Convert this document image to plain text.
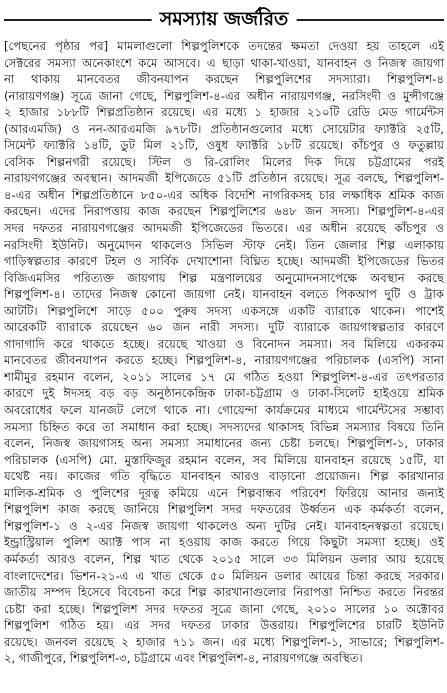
সমস্যায় জর্জরিত
[পেছনের পৃষ্ঠার পর] মামলাগুলো শিল্পপুলিশকে তদন্তের ক্ষমতা দেওয়া হয় তাহলে এই
সেক্টরের সমস্যা অনেকাংশে কমে আসবে। এ ছাড়া থাকা-খাওয়া, যানবাহন ও নিজস্ব জায়গা
না থাকায় মানবেতর জীবনযাপন করছেন শিল্পপুলিশের সদস্যারা। শিল্পপুলিশ-৪
(নারায়ণগঞ্জ) সূত্রে জানা গেছে, শিল্পপুলিশ-৪-এর অধীন নারায়ণগঞ্জ, নরসিংদী ও মুন্সীগঞ্জে
২ হাজার ১৮৮টি শিল্পপ্রতিষ্ঠান রয়েছে। এর মধ্যে ১ হাজার ২১০টি রেডি মেড গার্মেন্টস
(আরএমজি) ও নন-আরএমজি ৯৭৮টি। প্রতিষ্ঠানগুলোর মধ্যে সোয়েটার ফ্যাক্টরি ২৫টি,
সিমেন্ট ফ্যাক্টরি ১৪টি, ডুট মিল ২১টি, ওষুধ ফ্যাক্টরি ১৮টি রয়েছে। কাঁচপুর ও ফতুল্লায়
বেসিক শিল্পনগরী রয়েছে। স্টিল ও রি-রোলিং মিলের দিক দিয়ে চট্টগ্রামের পরই
নারায়ণগঞ্জের অবস্থান। আদমজী ইপিজেডে ৫১টি প্রতিষ্ঠান রয়েছে। সূত্র বলছে, শিল্পপুলিশ-
৪-এর অধীন শিল্পপ্রতিষ্ঠানে ৮৫০-এর অধিক বিদেশি নাগরিকসহ চার লক্ষাধিক শ্রমিক কাজ
করছেন। এদের নিরাপত্তায় কাজ করছেন শিল্পপুলিশের ৬৪৮ জন সদস্য। শিল্পপুলিশ-৪-এর
সদর দফতর নারায়ণগঞ্জের আদমজী ইপিজেডের ভিতরে। এর অধীন রয়েছে কাঁচপুর ও
নরসিংদী ইউনিট। অনুমোদন থাকলেও সিভিল স্টাফ নেই। তিন জেলার শিল্প এলাকায়
গাড়িস্বল্পতার কারণে টহল ও সার্বিক দেখাশোনা বিঘ্নিত হচ্ছে। আদমজী ইপিজেডের ভিতর
বিজিএমসির পরিত্যক্ত জায়গায় শিল্প মন্ত্রণালয়ের অনুমোদনসাপেক্ষে অবস্থান করছে
শিল্পপুলিশ-৪। তাদের নিজস্ব কোনো জায়গা নেই। যানবাহন বলতে পিকআপ দুটি ও ট্রাক
আটটি। শিল্পপুলিশে সাড়ে ৫০০ পুরুষ সদস্য একসঙ্গে একটি ব্যারাকে থাকেন। পাশেই
আরেকটি ব্যারাকে রয়েছেন ৬০ জন নারী সদস্য। দুটি ব্যারাকে জায়গাস্বল্পতার কারণে
গাদাগাদি করে থাকতে হচ্ছে। রয়েছে খাওয়া ও বিনোদন সমস্যা। সব মিলিয়ে একরকম
মানবেতর জীবনযাপন করতে হচ্ছে। শিল্পপুলিশ-৪, নারায়ণগঞ্জের পরিচালক (এসপি) সানা
শামীমুর রহমান বলেন, ২০১১ সালের ১৭ মে গঠিত হওয়া শিল্পপুলিশ-৪-এর তৎপরতার
কারণে দুই ঈদসহ বড় বড় অনুষ্ঠানকেন্দ্রিক ঢাকা-চট্টগ্রাম ও ঢাকা-সিলেট হাইওয়ে শ্রমিক
অবরোধের ফলে যানজট লেগে থাকে না। গোয়েন্দা কার্যক্রমের মাধ্যমে গার্মেন্টসের সম্ভাব্য
সমস্যা চিহ্নিত করে তা সমাধান করা হচ্ছে। সদস্যদের থাকাসহ বিভিন্ন সমস্যার বিষয়ে তিনি
বলেন, নিজস্ব জায়গাসহ অন্য সমস্যা সমাধানের জন্য চেষ্টা চলছে। শিল্পপুলিশ-১, ঢাকার
পরিচালক (এসপি) মো. মুস্তাফিজুর রহমান বলেন, সব মিলিয়ে যানবাহন রয়েছে ১৫টি, যা
যথেষ্ট নয়। কাজের গতি বৃদ্ধিতে যানবাহন আরও বাড়ানো প্রয়োজন। শিল্প কারখানার
মালিক-শ্রমিক ও পুলিশের দূরত্ব কমিয়ে এনে শিল্পবান্ধব পরিবেশ ফিরিয়ে আনার জন্যই
শিল্পপুলিশ কাজ করছে জানিয়ে শিল্পপুলিশ সদর দফতরের উর্ধ্বতন এক কর্মকর্তা বলেন,
শিল্পপুলিশ-১ ও ২-এর নিজস্ব জায়গা থাকলেও অন্য দুটির নেই। যানবাহনস্বল্পতা রয়েছে।
ইন্ড্রাস্ট্রিয়াল পুলিশ অ্যাক্ট পাস না হওয়ায় কাজ করতে গিয়ে কিছুটা সমস্যা হচ্ছে। ওই
কর্মকর্তা আরও বলেন, শিল্প খাত থেকে ২০১৫ সালে ৩৩ মিলিয়ন ডলার আয় হয়েছে
বাংলাদেশের। ভিশন-২১-এ এ খাত থেকে ৫০ মিলিয়ন ডলার আয়ের চিন্তা করছে সরকার।
জাতীয় সম্পদ হিসেবে বিবেচনা করে শিল্প কারখানাগুলোর নিরাপত্তা নিশ্চিত করতে নিরন্তর
চেষ্টা করা হচ্ছে। শিল্পপুলিশ সদর দফতর সূত্রে জানা গেছে, ২০১০ সালের ১০ অক্টোবর
শিল্পপুলিশ গঠিত হয়। এর সদর দফতর ঢাকার উত্তরায়। শিল্পপুলিশের চারটি ইউনিট
রয়েছে। জনবল রয়েছে ২ হাজার ৭১১ জন। এর মধ্যে শিল্পপুলিশ-১, সাভারে; শিল্পপুলিশ-
২, গাজীপুরে, শিল্পপুলিশ-৩, চট্টগ্রামে এবং শিল্পপুলিশ-৪, নারায়ণগঞ্জে অবস্থিত।
